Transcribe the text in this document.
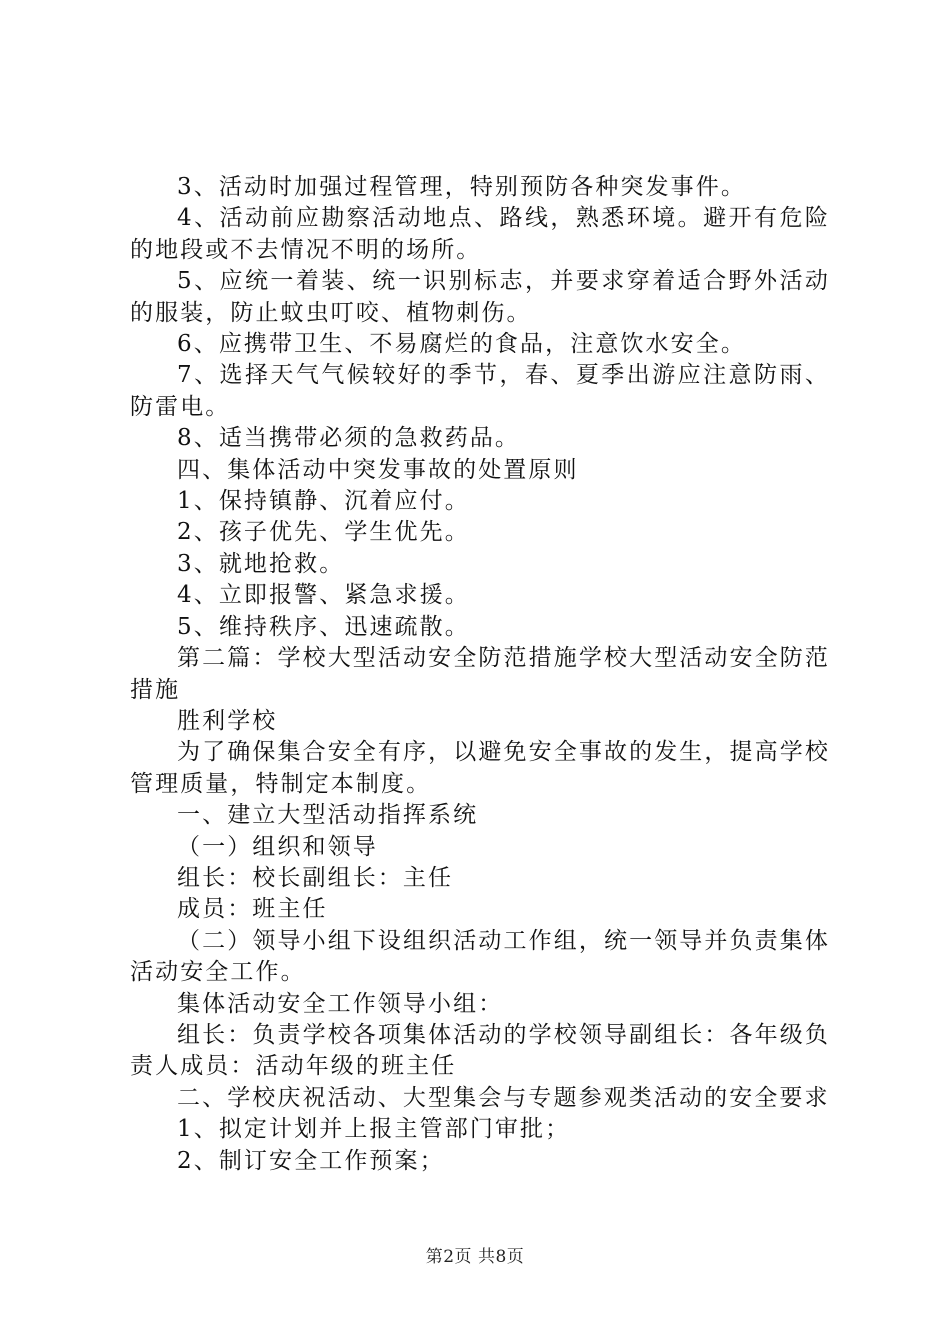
3、活动时加强过程管理，特别预防各种突发事件。

4、活动前应勘察活动地点、路线，熟悉环境。避开有危险的地段或不去情况不明的场所。

5、应统一着装、统一识别标志，并要求穿着适合野外活动的服装，防止蚊虫叮咬、植物刺伤。

6、应携带卫生、不易腐烂的食品，注意饮水安全。

7、选择天气气候较好的季节，春、夏季出游应注意防雨、防雷电。

8、适当携带必须的急救药品。

四、集体活动中突发事故的处置原则

1、保持镇静、沉着应付。

2、孩子优先、学生优先。

3、就地抢救。

4、立即报警、紧急求援。

5、维持秩序、迅速疏散。

第二篇：学校大型活动安全防范措施学校大型活动安全防范措施

胜利学校

为了确保集合安全有序，以避免安全事故的发生，提高学校管理质量，特制定本制度。

一、建立大型活动指挥系统

（一）组织和领导

组长：校长副组长：主任

成员：班主任

（二）领导小组下设组织活动工作组，统一领导并负责集体活动安全工作。

集体活动安全工作领导小组：

组长：负责学校各项集体活动的学校领导副组长：各年级负责人成员：活动年级的班主任

二、学校庆祝活动、大型集会与专题参观类活动的安全要求

1、拟定计划并上报主管部门审批；

2、制订安全工作预案；

第2页 共8页
